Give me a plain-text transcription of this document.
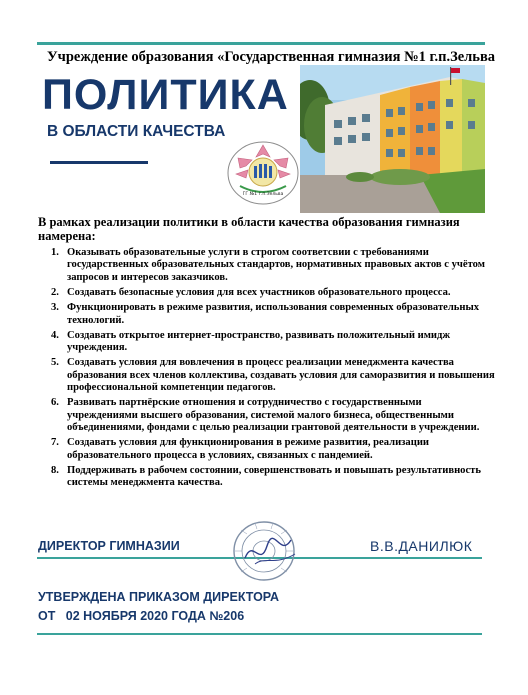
Учреждение образования «Государственная гимназия №1 г.п.Зельва
ПОЛИТИКА
В ОБЛАСТИ КАЧЕСТВА
ГГ №1 г.п.Зельва
В рамках реализации политики в области качества образования гимназия намерена:
1. Оказывать образовательные услуги в строгом соответсвии с требованиями государственных образовательных стандартов, нормативных правовых актов с учётом запросов и интересов заказчиков.
2. Создавать безопасные условия для всех участников образовательного процесса.
3. Функционировать в режиме развития, использования современных образовательных технологий.
4. Создавать открытое интернет-пространство, развивать положительный имидж учреждения.
5. Создавать условия для вовлечения в процесс реализации менеджмента качества образования всех членов коллектива, создавать условия для саморазвития и повышения профессиональной компетенции педагогов.
6. Развивать партнёрские отношения и сотрудничество с государственными учреждениями высшего образования, системой малого бизнеса, общественными объединениями, фондами с целью реализации грантовой деятельности в учреждении.
7. Создавать условия для функционирования в режиме развития, реализации образовательного процесса в условиях, связанных с пандемией.
8. Поддерживать в рабочем состоянии, совершенствовать и повышать результативность системы менеджмента качества.
ДИРЕКТОР ГИМНАЗИИ	В.В.ДАНИЛЮК
УТВЕРЖДЕНА ПРИКАЗОМ ДИРЕКТОРА
ОТ   02 НОЯБРЯ 2020 ГОДА №206
